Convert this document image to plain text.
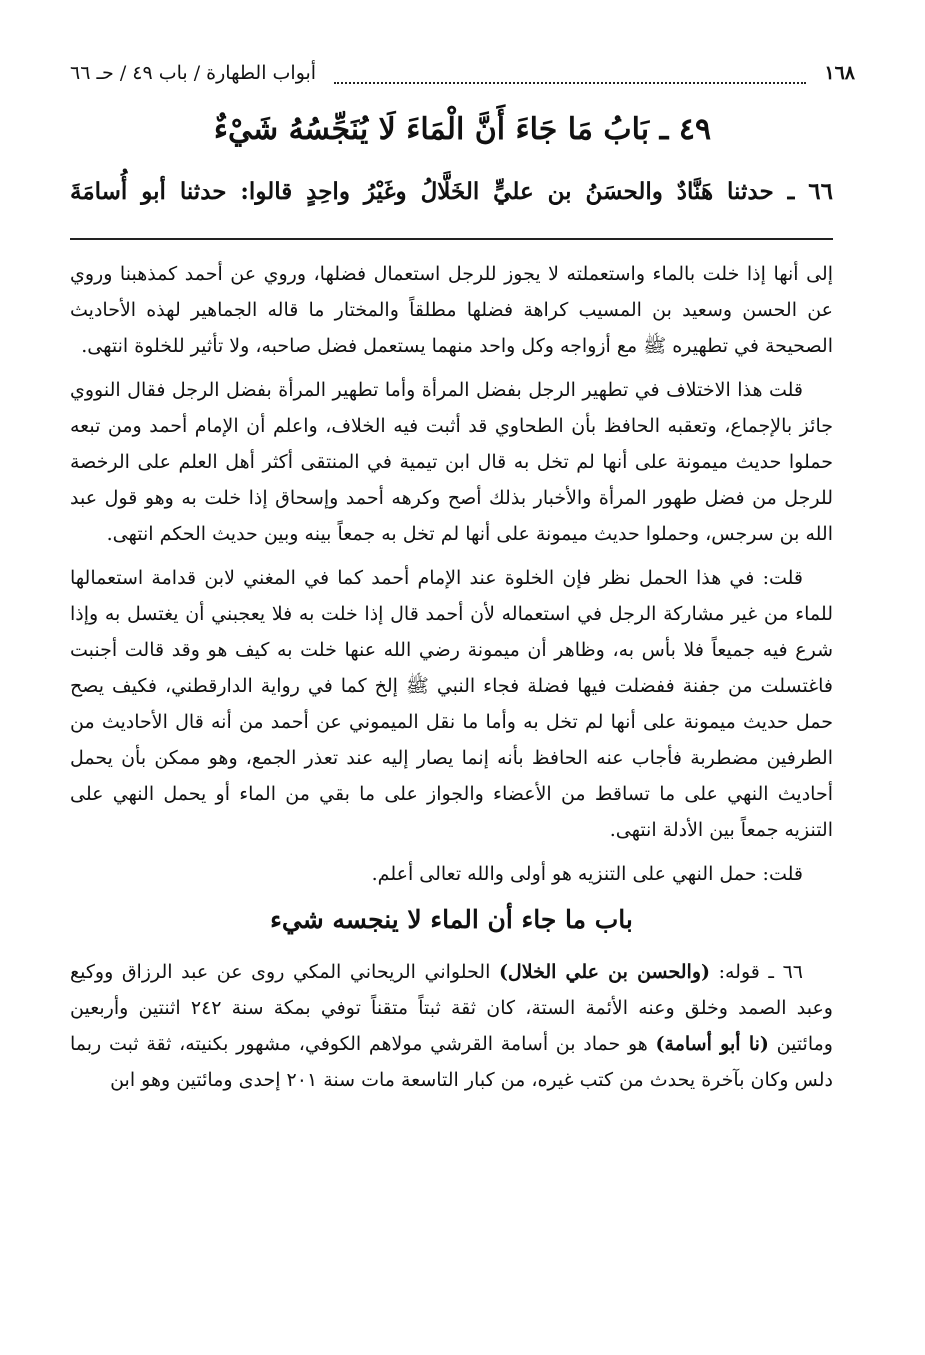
١٦٨
أبواب الطهارة / باب ٤٩ / حـ ٦٦
٤٩ ـ بَابُ مَا جَاءَ أَنَّ الْمَاءَ لَا يُنَجِّسُهُ شَيْءٌ
٦٦ ـ حدثنا هَنَّادٌ والحسَنُ بن عليٍّ الخَلَّالُ وغَيْرُ واحِدٍ قالوا: حدثنا أبو أُسامَةَ

إلى أنها إذا خلت بالماء واستعملته لا يجوز للرجل استعمال فضلها، وروي عن أحمد كمذهبنا وروي عن الحسن وسعيد بن المسيب كراهة فضلها مطلقاً والمختار ما قاله الجماهير لهذه الأحاديث الصحيحة في تطهيره ﷺ مع أزواجه وكل واحد منهما يستعمل فضل صاحبه، ولا تأثير للخلوة انتهى.

قلت هذا الاختلاف في تطهير الرجل بفضل المرأة وأما تطهير المرأة بفضل الرجل فقال النووي جائز بالإجماع، وتعقبه الحافظ بأن الطحاوي قد أثبت فيه الخلاف، واعلم أن الإمام أحمد ومن تبعه حملوا حديث ميمونة على أنها لم تخل به قال ابن تيمية في المنتقى أكثر أهل العلم على الرخصة للرجل من فضل طهور المرأة والأخبار بذلك أصح وكرهه أحمد وإسحاق إذا خلت به وهو قول عبد الله بن سرجس، وحملوا حديث ميمونة على أنها لم تخل به جمعاً بينه وبين حديث الحكم انتهى.

قلت: في هذا الحمل نظر فإن الخلوة عند الإمام أحمد كما في المغني لابن قدامة استعمالها للماء من غير مشاركة الرجل في استعماله لأن أحمد قال إذا خلت به فلا يعجبني أن يغتسل به وإذا شرع فيه جميعاً فلا بأس به، وظاهر أن ميمونة رضي الله عنها خلت به كيف هو وقد قالت أجنبت فاغتسلت من جفنة ففضلت فيها فضلة فجاء النبي ﷺ إلخ كما في رواية الدارقطني، فكيف يصح حمل حديث ميمونة على أنها لم تخل به وأما ما نقل الميموني عن أحمد من أنه قال الأحاديث من الطرفين مضطربة فأجاب عنه الحافظ بأنه إنما يصار إليه عند تعذر الجمع، وهو ممكن بأن يحمل أحاديث النهي على ما تساقط من الأعضاء والجواز على ما بقي من الماء أو يحمل النهي على التنزيه جمعاً بين الأدلة انتهى.

قلت: حمل النهي على التنزيه هو أولى والله تعالى أعلم.

باب ما جاء أن الماء لا ينجسه شيء

٦٦ ـ قوله: (والحسن بن علي الخلال) الحلواني الريحاني المكي روى عن عبد الرزاق ووكيع وعبد الصمد وخلق وعنه الأئمة الستة، كان ثقة ثبتاً متقناً توفي بمكة سنة ٢٤٢ اثنتين وأربعين ومائتين (نا أبو أسامة) هو حماد بن أسامة القرشي مولاهم الكوفي، مشهور بكنيته، ثقة ثبت ربما دلس وكان بآخرة يحدث من كتب غيره، من كبار التاسعة مات سنة ٢٠١ إحدى ومائتين وهو ابن
